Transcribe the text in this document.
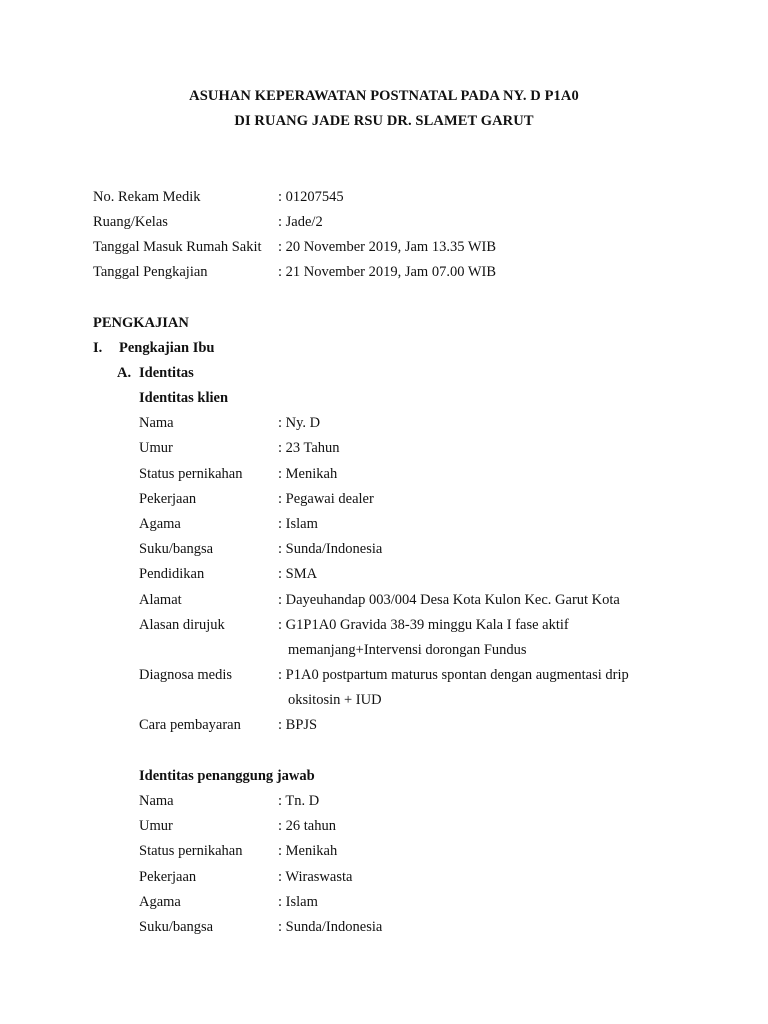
ASUHAN KEPERAWATAN POSTNATAL PADA NY. D P1A0
DI RUANG JADE RSU DR. SLAMET GARUT
No. Rekam Medik	: 01207545
Ruang/Kelas	: Jade/2
Tanggal Masuk Rumah Sakit : 20 November 2019, Jam 13.35 WIB
Tanggal Pengkajian	: 21 November 2019, Jam 07.00 WIB
PENGKAJIAN
I. Pengkajian Ibu
A. Identitas
Identitas klien
Nama	: Ny. D
Umur	: 23 Tahun
Status pernikahan : Menikah
Pekerjaan	: Pegawai dealer
Agama	: Islam
Suku/bangsa	: Sunda/Indonesia
Pendidikan	: SMA
Alamat	: Dayeuhandap 003/004 Desa Kota Kulon Kec. Garut Kota
Alasan dirujuk	: G1P1A0 Gravida 38-39 minggu Kala I fase aktif
memanjang+Intervensi dorongan Fundus
Diagnosa medis	: P1A0 postpartum maturus spontan dengan augmentasi drip
oksitosin + IUD
Cara pembayaran	: BPJS
Identitas penanggung jawab
Nama	: Tn. D
Umur	: 26 tahun
Status pernikahan : Menikah
Pekerjaan	: Wiraswasta
Agama	: Islam
Suku/bangsa	: Sunda/Indonesia
